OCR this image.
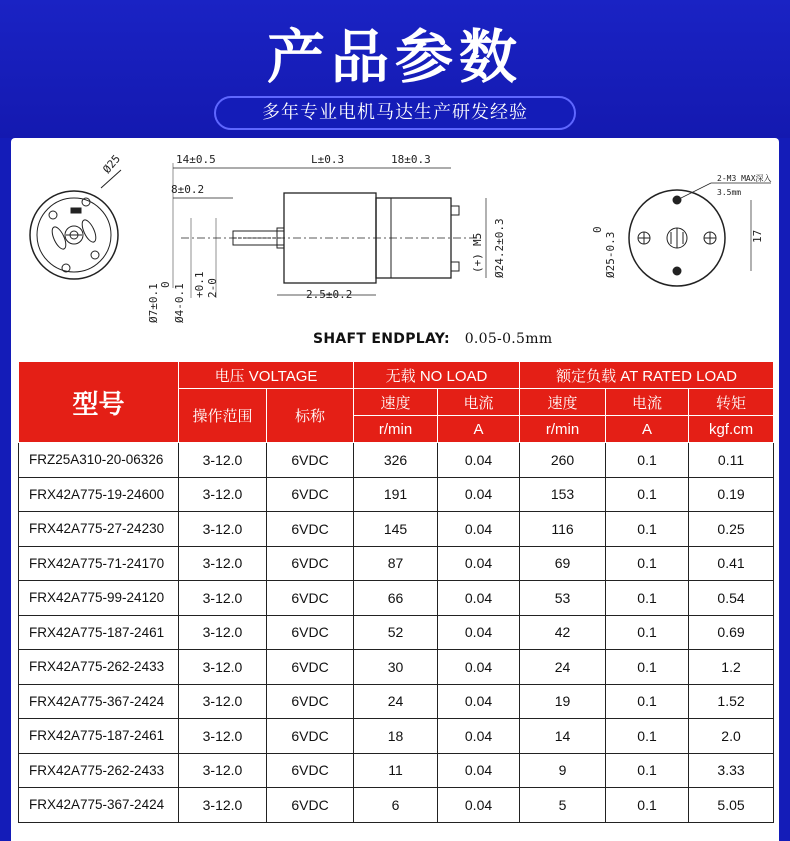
产品参数
多年专业电机马达生产研发经验
Ø25	14±0.5	L±0.3	18±0.3
8±0.2
Ø7±0.1 0 Ø4-0.1 +0.1 2-0	2.5±0.2
M5
(+) Ø24.2±0.3	0
Ø25-0.3
2-M3 MAX深入
3.5mm
17
SHAFT ENDPLAY: 0.05-0.5mm
型号	电压 VOLTAGE		无载 NO LOAD		额定负载 AT RATED LOAD		
	操作范围	标称	速度	电流	速度	电流	转矩
			r/min	A	r/min	A	kgf.cm
FRZ25A310-20-06326	3-12.0	6VDC	326	0.04	260	0.1	0.11
FRX42A775-19-24600	3-12.0	6VDC	191	0.04	153	0.1	0.19
FRX42A775-27-24230	3-12.0	6VDC	145	0.04	116	0.1	0.25
FRX42A775-71-24170	3-12.0	6VDC	87	0.04	69	0.1	0.41
FRX42A775-99-24120	3-12.0	6VDC	66	0.04	53	0.1	0.54
FRX42A775-187-2461	3-12.0	6VDC	52	0.04	42	0.1	0.69
FRX42A775-262-2433	3-12.0	6VDC	30	0.04	24	0.1	1.2
FRX42A775-367-2424	3-12.0	6VDC	24	0.04	19	0.1	1.52
FRX42A775-187-2461	3-12.0	6VDC	18	0.04	14	0.1	2.0
FRX42A775-262-2433	3-12.0	6VDC	11	0.04	9	0.1	3.33
FRX42A775-367-2424	3-12.0	6VDC	6	0.04	5	0.1	5.05
